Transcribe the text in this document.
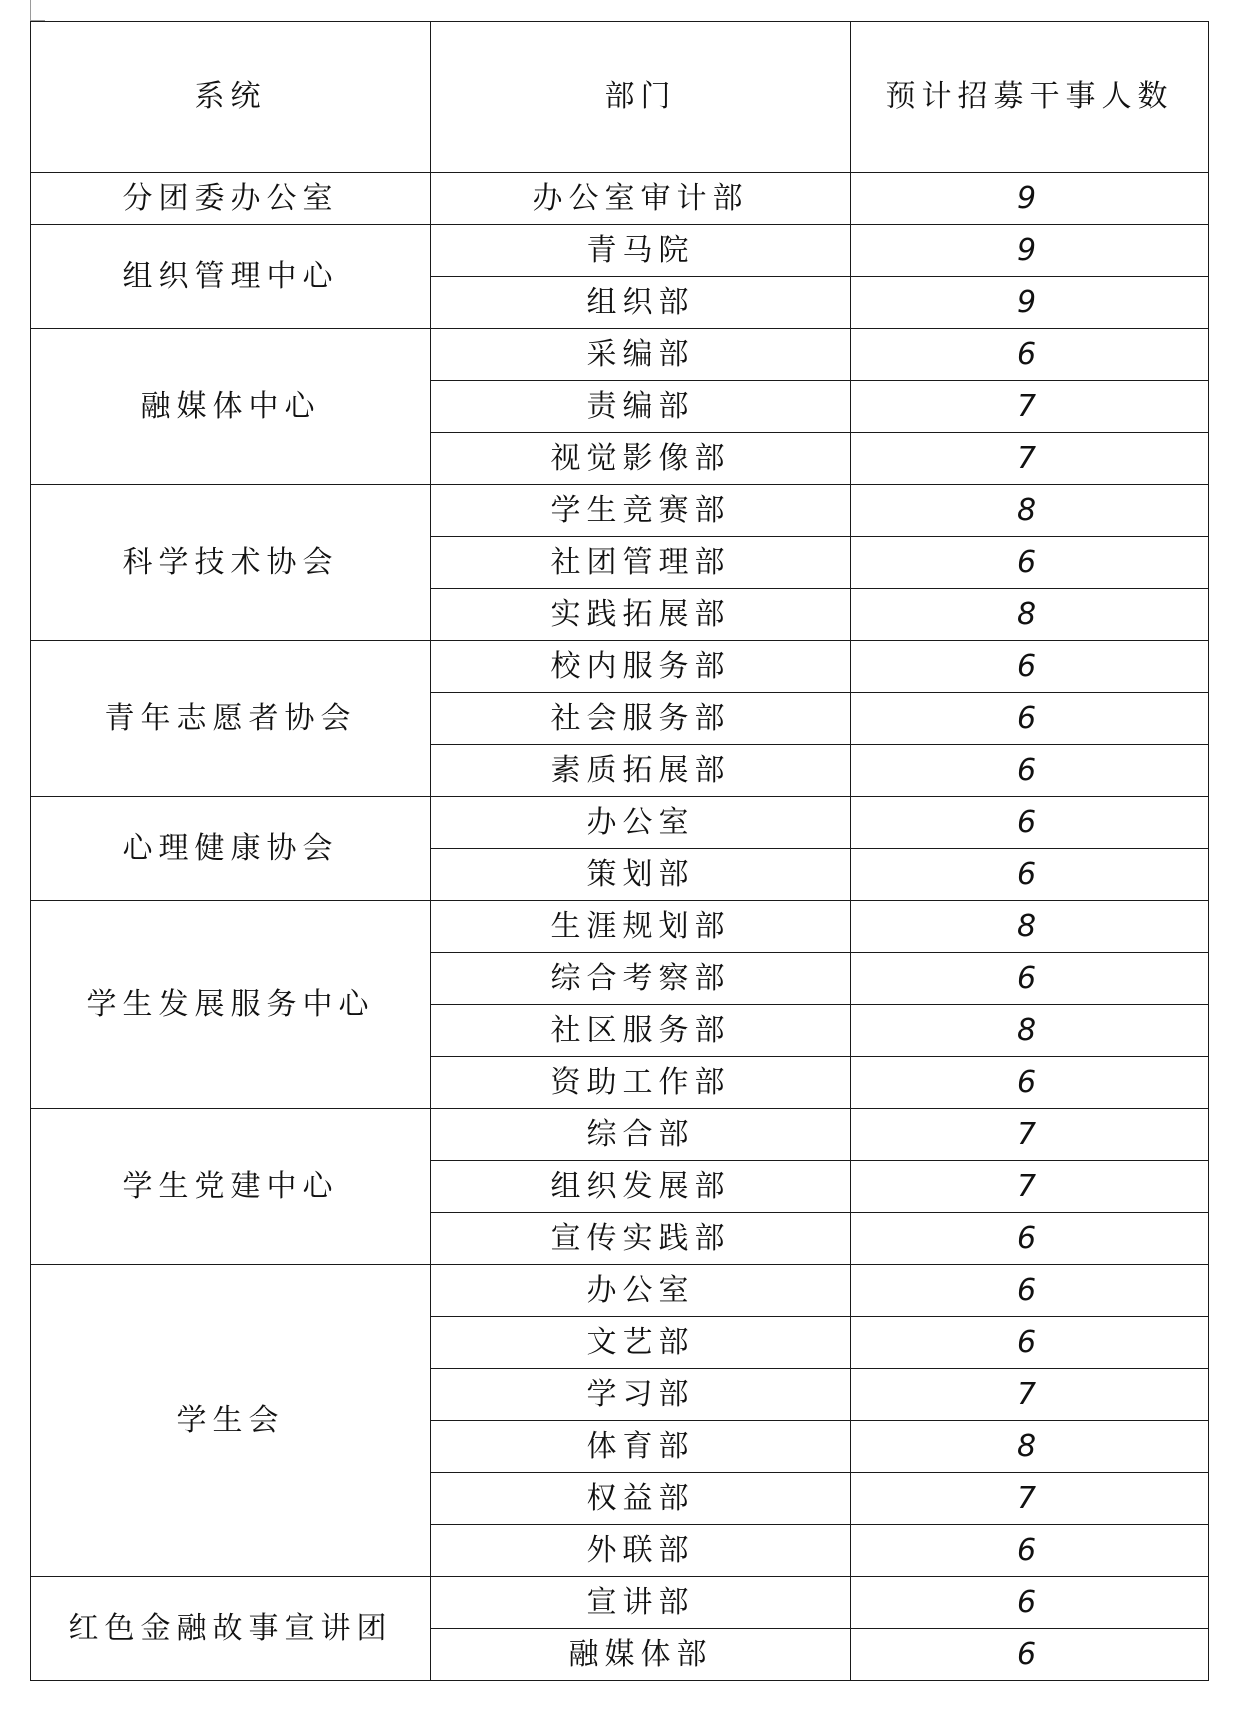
系统	部门	预计招募干事人数
分团委办公室	办公室审计部	9
组织管理中心	青马院	9
	组织部	9
融媒体中心	采编部	6
	责编部	7
	视觉影像部	7
科学技术协会	学生竞赛部	8
	社团管理部	6
	实践拓展部	8
青年志愿者协会	校内服务部	6
	社会服务部	6
	素质拓展部	6
心理健康协会	办公室	6
	策划部	6
学生发展服务中心	生涯规划部	8
	综合考察部	6
	社区服务部	8
	资助工作部	6
学生党建中心	综合部	7
	组织发展部	7
	宣传实践部	6
学生会	办公室	6
	文艺部	6
	学习部	7
	体育部	8
	权益部	7
	外联部	6
红色金融故事宣讲团	宣讲部	6
	融媒体部	6
